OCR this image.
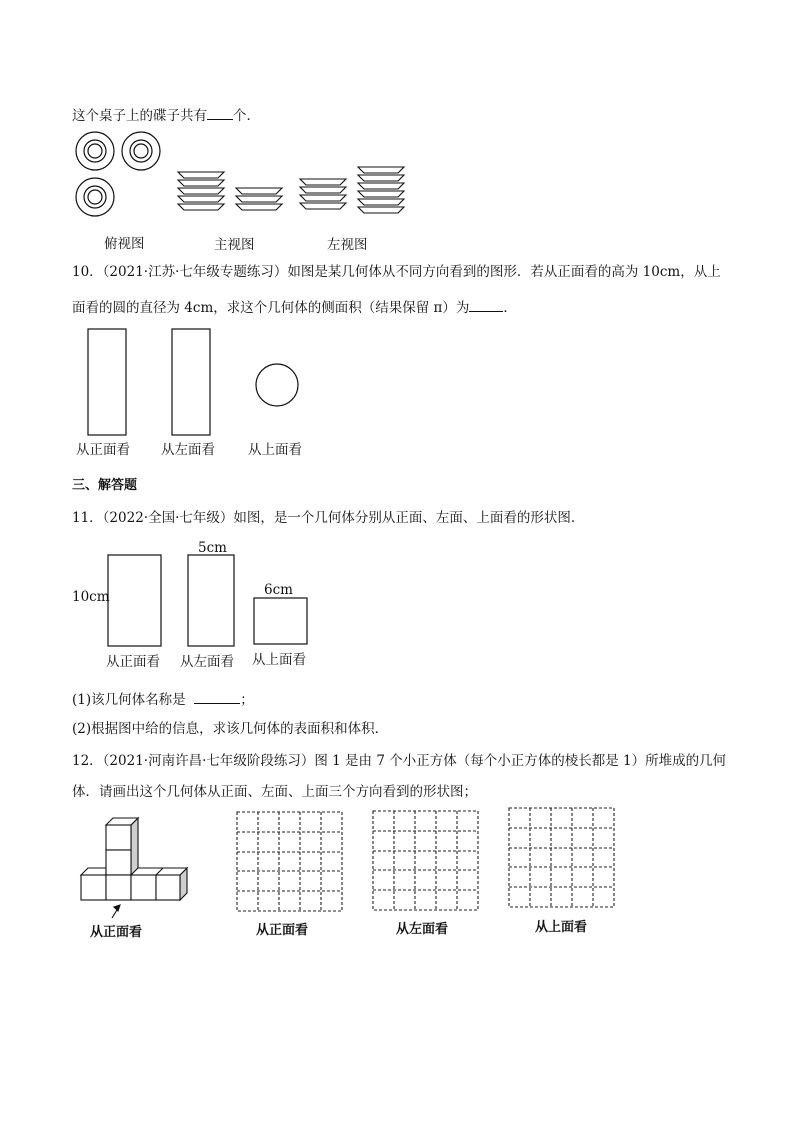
这个桌子上的碟子共有 个．
俯视图	主视图	左视图
10．（2021·江苏·七年级专题练习）如图是某几何体从不同方向看到的图形．若从正面看的高为 10cm，从上
面看的圆的直径为 4cm，求这个几何体的侧面积（结果保留 π）为	．
从正面看 从左面看 从上面看
三、解答题
11．（2022·全国·七年级）如图，是一个几何体分别从正面、左面、上面看的形状图．
10cm
5cm
6cm
从正面看 从左面看 从上面看
(1)该几何体名称是	；
(2)根据图中给的信息，求该几何体的表面积和体积．
12．（2021·河南许昌·七年级阶段练习）图 1 是由 7 个小正方体（每个小正方体的棱长都是 1）所堆成的几何
体．请画出这个几何体从正面、左面、上面三个方向看到的形状图；
从正面看	从正面看	从左面看	从上面看
